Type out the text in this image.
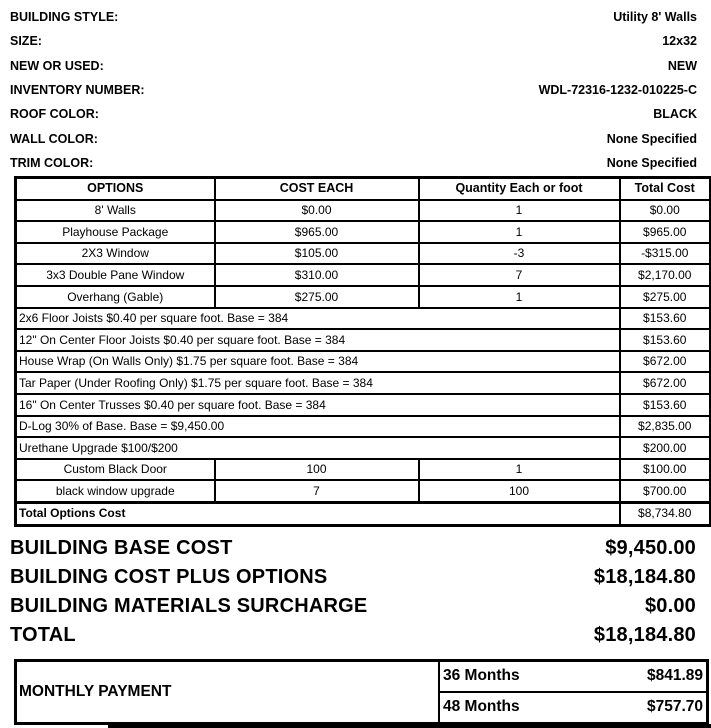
BUILDING STYLE:	Utility 8' Walls
SIZE:	12x32
NEW OR USED:	NEW
INVENTORY NUMBER:	WDL-72316-1232-010225-C
ROOF COLOR:	BLACK
WALL COLOR:	None Specified
TRIM COLOR:	None Specified
OPTIONS	COST EACH	Quantity Each or foot	Total Cost
8' Walls	$0.00	1	$0.00
Playhouse Package	$965.00	1	$965.00
2X3 Window	$105.00	-3	-$315.00
3x3 Double Pane Window	$310.00	7	$2,170.00
Overhang (Gable)	$275.00	1	$275.00
2x6 Floor Joists $0.40 per square foot. Base = 384			$153.60
12" On Center Floor Joists $0.40 per square foot. Base = 384			$153.60
House Wrap (On Walls Only) $1.75 per square foot. Base = 384			$672.00
Tar Paper (Under Roofing Only) $1.75 per square foot. Base = 384			$672.00
16" On Center Trusses $0.40 per square foot. Base = 384			$153.60
D-Log 30% of Base. Base = $9,450.00			$2,835.00
Urethane Upgrade $100/$200			$200.00
Custom Black Door	100	1	$100.00
black window upgrade	7	100	$700.00
Total Options Cost			$8,734.80
BUILDING BASE COST	$9,450.00
BUILDING COST PLUS OPTIONS	$18,184.80
BUILDING MATERIALS SURCHARGE	$0.00
TOTAL	$18,184.80
MONTHLY PAYMENT
36 Months	$841.89
48 Months	$757.70
